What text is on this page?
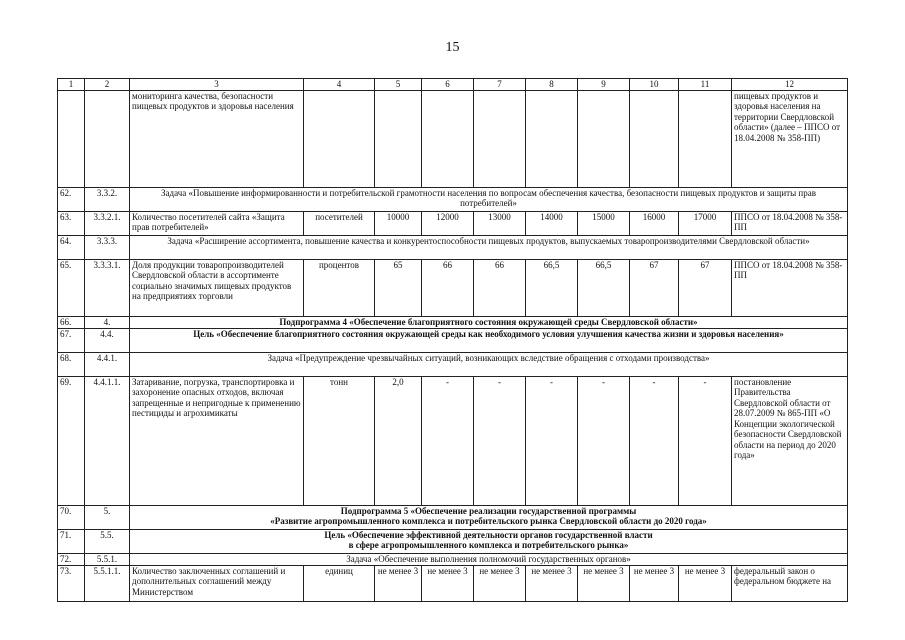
15
1	2	3	4	5	6	7	8	9	10	11	12
		мониторинга качества, безопасности пищевых продуктов и здоровья населения									пищевых продуктов и здоровья населения на территории Свердловской области» (далее – ППСО от 18.04.2008 № 358-ПП)
62.	3.3.2.	Задача «Повышение информированности и потребительской грамотности населения по вопросам обеспечения качества, безопасности пищевых продуктов и защиты прав потребителей»									
63.	3.3.2.1.	Количество посетителей сайта «Защита прав потребителей»	посетителей	10000	12000	13000	14000	15000	16000	17000	ППСО от 18.04.2008 № 358-ПП
64.	3.3.3.	Задача «Расширение ассортимента, повышение качества и конкурентоспособности пищевых продуктов, выпускаемых товаропроизводителями Свердловской области»									
65.	3.3.3.1.	Доля продукции товаропроизводителей Свердловской области в ассортименте социально значимых пищевых продуктов на предприятиях торговли	процентов	65	66	66	66,5	66,5	67	67	ППСО от 18.04.2008 № 358-ПП
66.	4.	Подпрограмма 4 «Обеспечение благоприятного состояния окружающей среды Свердловской области»									
67.	4.4.	Цель «Обеспечение благоприятного состояния окружающей среды как необходимого условия улучшения качества жизни и здоровья населения»									
68.	4.4.1.	Задача «Предупреждение чрезвычайных ситуаций, возникающих вследствие обращения с отходами производства»									
69.	4.4.1.1.	Затаривание, погрузка, транспортировка и захоронение опасных отходов, включая запрещенные и непригодные к применению пестициды и агрохимикаты	тонн	2,0	-	-	-	-	-	-	постановление Правительства Свердловской области от 28.07.2009 № 865-ПП «О Концепции экологической безопасности Свердловской области на период до 2020 года»
70.	5.	Подпрограмма 5 «Обеспечение реализации государственной программы
«Развитие агропромышленного комплекса и потребительского рынка Свердловской области до 2020 года»									

71.	5.5.	Цель «Обеспечение эффективной деятельности органов государственной власти
в сфере агропромышленного комплекса и потребительского рынка»									

72.	5.5.1.	Задача «Обеспечение выполнения полномочий государственных органов»									
73.	5.5.1.1.	Количество заключенных соглашений и дополнительных соглашений между Министерством	единиц	не менее 3	не менее 3	не менее 3	не менее 3	не менее 3	не менее 3	не менее 3	федеральный закон о федеральном бюджете на
